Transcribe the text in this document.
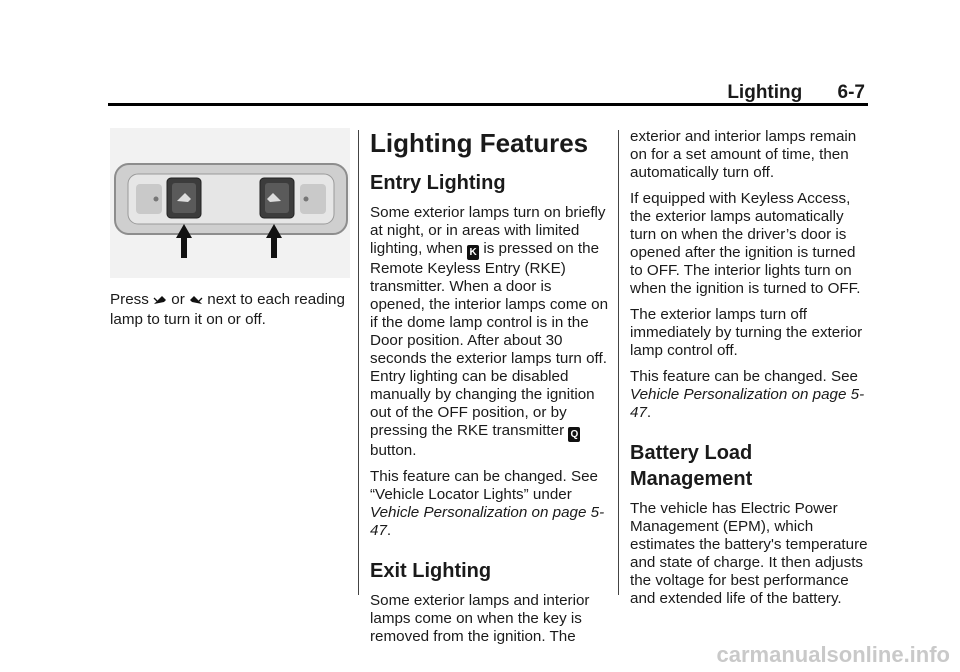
Lighting 6-7

Press or next to each reading lamp to turn it on or off.

Lighting Features
Entry Lighting

Some exterior lamps turn on briefly at night, or in areas with limited lighting, when K is pressed on the Remote Keyless Entry (RKE) transmitter. When a door is opened, the interior lamps come on if the dome lamp control is in the Door position. After about 30 seconds the exterior lamps turn off. Entry lighting can be disabled manually by changing the ignition out of the OFF position, or by pressing the RKE transmitter Q button.

This feature can be changed. See “Vehicle Locator Lights” under Vehicle Personalization on page 5-47.

Exit Lighting

Some exterior lamps and interior lamps come on when the key is removed from the ignition. The

exterior and interior lamps remain on for a set amount of time, then automatically turn off.

If equipped with Keyless Access, the exterior lamps automatically turn on when the driver’s door is opened after the ignition is turned to OFF. The interior lights turn on when the ignition is turned to OFF.

The exterior lamps turn off immediately by turning the exterior lamp control off.

This feature can be changed. See Vehicle Personalization on page 5-47.

Battery Load Management

The vehicle has Electric Power Management (EPM), which estimates the battery's temperature and state of charge. It then adjusts the voltage for best performance and extended life of the battery.

carmanualsonline.info
